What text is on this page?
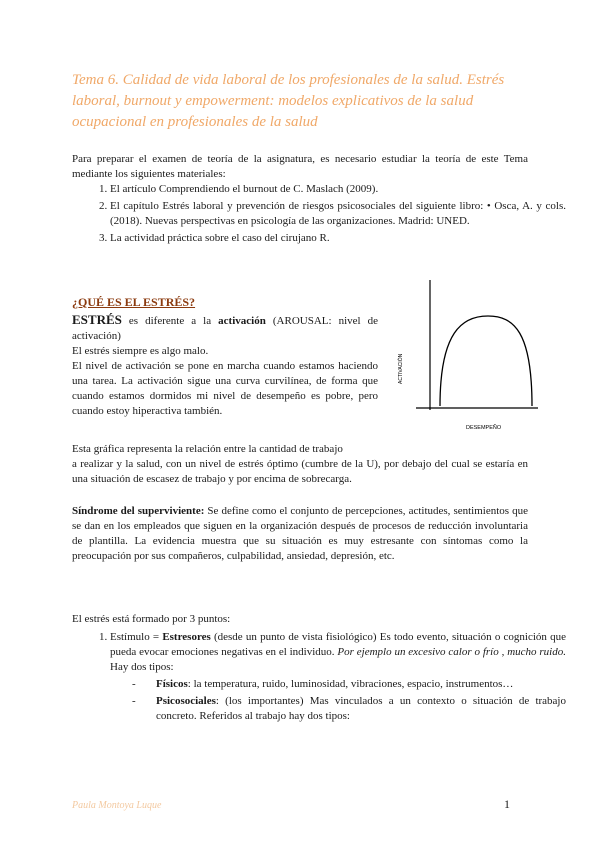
Tema 6. Calidad de vida laboral de los profesionales de la salud. Estrés laboral, burnout y empowerment: modelos explicativos de la salud ocupacional en profesionales de la salud
Para preparar el examen de teoría de la asignatura, es necesario estudiar la teoría de este Tema mediante los siguientes materiales:
1. El artículo Comprendiendo el burnout de C. Maslach (2009).
2. El capítulo Estrés laboral y prevención de riesgos psicosociales del siguiente libro: • Osca, A. y cols. (2018). Nuevas perspectivas en psicología de las organizaciones. Madrid: UNED.
3. La actividad práctica sobre el caso del cirujano R.
¿QUÉ ES EL ESTRÉS?
ESTRÉS es diferente a la activación (AROUSAL: nivel de activación)
El estrés siempre es algo malo.
El nivel de activación se pone en marcha cuando estamos haciendo una tarea. La activación sigue una curva curvilínea, de forma que cuando estamos dormidos mi nivel de desempeño es pobre, pero cuando estoy hiperactiva también.
ACTIVACIÓN
DESEMPEÑO
Esta gráfica representa la relación entre la cantidad de trabajo
a realizar y la salud, con un nivel de estrés óptimo (cumbre de la U), por debajo del cual se estaría en una situación de escasez de trabajo y por encima de sobrecarga.
Síndrome del superviviente: Se define como el conjunto de percepciones, actitudes, sentimientos que se dan en los empleados que siguen en la organización después de procesos de reducción involuntaria de plantilla. La evidencia muestra que su situación es muy estresante con síntomas como la preocupación por sus compañeros, culpabilidad, ansiedad, depresión, etc.
El estrés está formado por 3 puntos:
1. Estímulo = Estresores (desde un punto de vista fisiológico) Es todo evento, situación o cognición que pueda evocar emociones negativas en el individuo. Por ejemplo un excesivo calor o frío , mucho ruido. Hay dos tipos:
- Físicos: la temperatura, ruido, luminosidad, vibraciones, espacio, instrumentos…
- Psicosociales: (los importantes) Mas vinculados a un contexto o situación de trabajo concreto. Referidos al trabajo hay dos tipos:
Paula Montoya Luque	1
